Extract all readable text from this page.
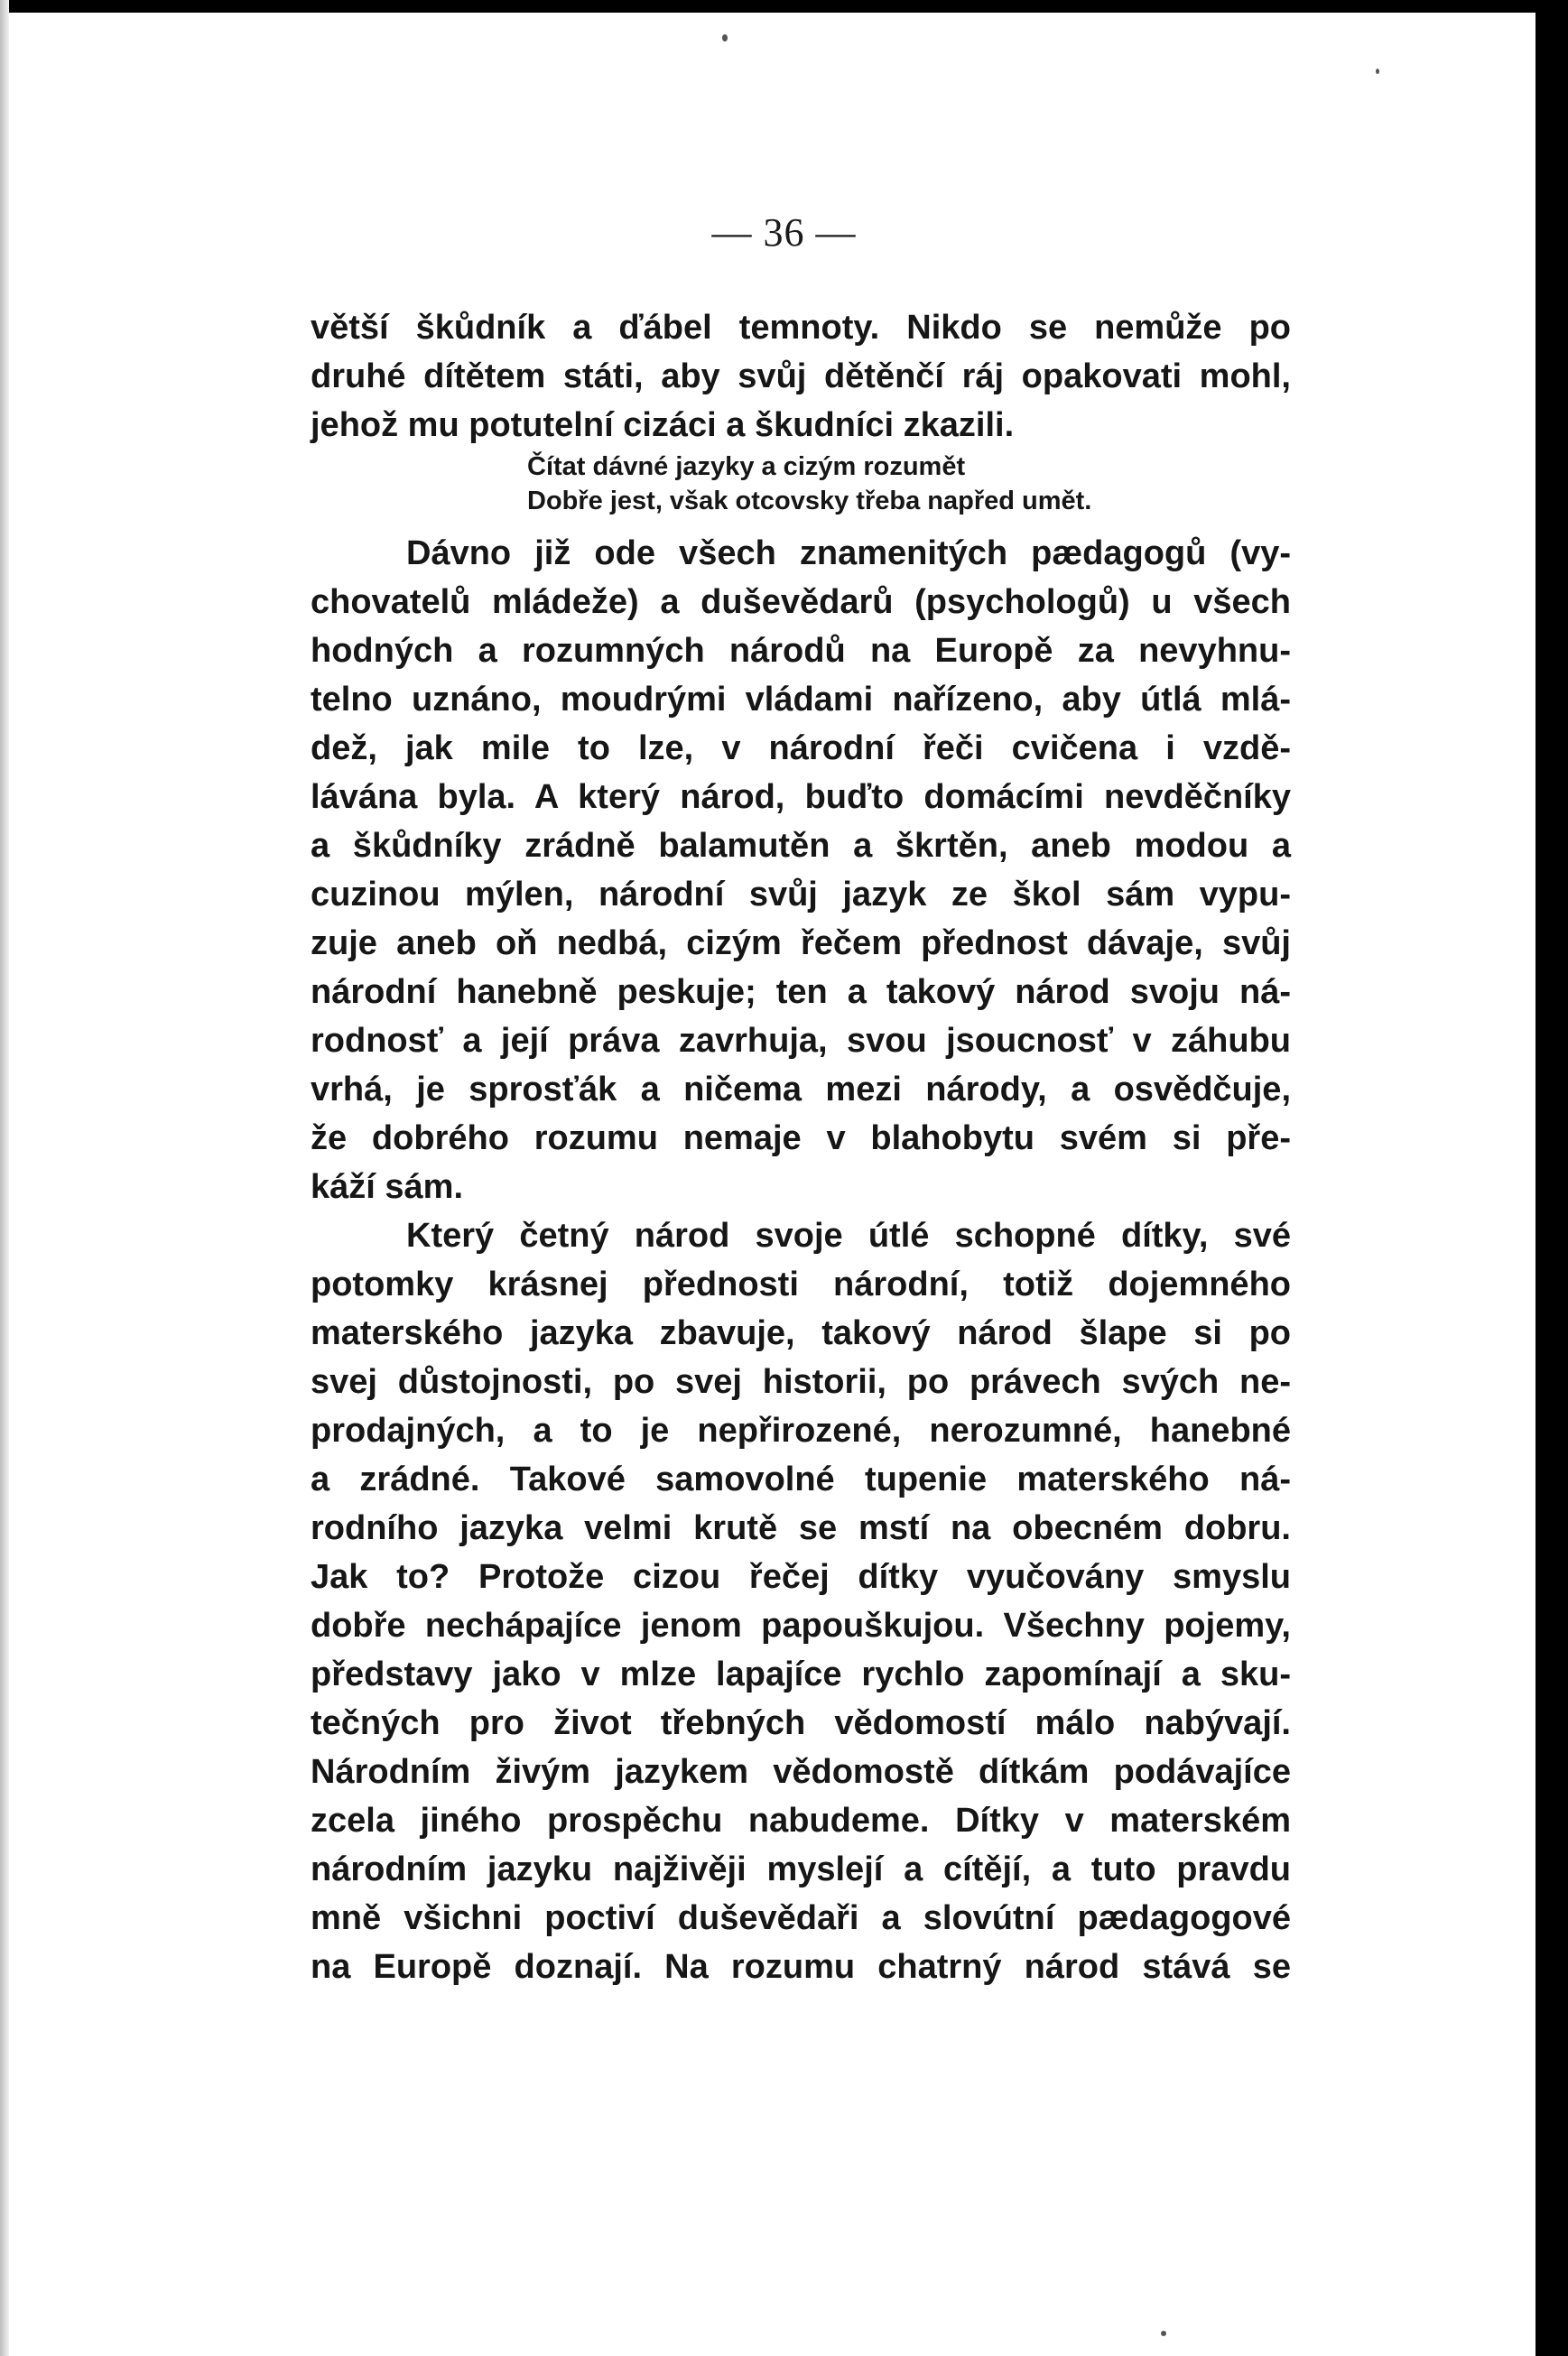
— 36 —
větší škůdník a ďábel temnoty. Nikdo se nemůže po
druhé dítětem státi, aby svůj dětěnčí ráj opakovati mohl,
jehož mu potutelní cizáci a škudníci zkazili.
Čítat dávné jazyky a cizým rozumět
Dobře jest, však otcovsky třeba napřed umět.
Dávno již ode všech znamenitých pædagogů (vy-
chovatelů mládeže) a duševědarů (psychologů) u všech
hodných a rozumných národů na Europě za nevyhnu-
telno uznáno, moudrými vládami nařízeno, aby útlá mlá-
dež, jak mile to lze, v národní řeči cvičena i vzdě-
lávána byla. A který národ, buďto domácími nevděčníky
a škůdníky zrádně balamutěn a škrtěn, aneb modou a
cuzinou mýlen, národní svůj jazyk ze škol sám vypu-
zuje aneb oň nedbá, cizým řečem přednost dávaje, svůj
národní hanebně peskuje; ten a takový národ svoju ná-
rodnosť a její práva zavrhuja, svou jsoucnosť v záhubu
vrhá, je sprosťák a ničema mezi národy, a osvědčuje,
že dobrého rozumu nemaje v blahobytu svém si pře-
káží sám.
Který četný národ svoje útlé schopné dítky, své
potomky krásnej přednosti národní, totiž dojemného
materského jazyka zbavuje, takový národ šlape si po
svej důstojnosti, po svej historii, po právech svých ne-
prodajných, a to je nepřirozené, nerozumné, hanebné
a zrádné. Takové samovolné tupenie materského ná-
rodního jazyka velmi krutě se mstí na obecném dobru.
Jak to? Protože cizou řečej dítky vyučovány smyslu
dobře nechápajíce jenom papouškujou. Všechny pojemy,
představy jako v mlze lapajíce rychlo zapomínají a sku-
tečných pro život třebných vědomostí málo nabývají.
Národním živým jazykem vědomostě dítkám podávajíce
zcela jiného prospěchu nabudeme. Dítky v materském
národním jazyku najživěji myslejí a cítějí, a tuto pravdu
mně všichni poctiví duševědaři a slovútní pædagogové
na Europě doznají. Na rozumu chatrný národ stává se
